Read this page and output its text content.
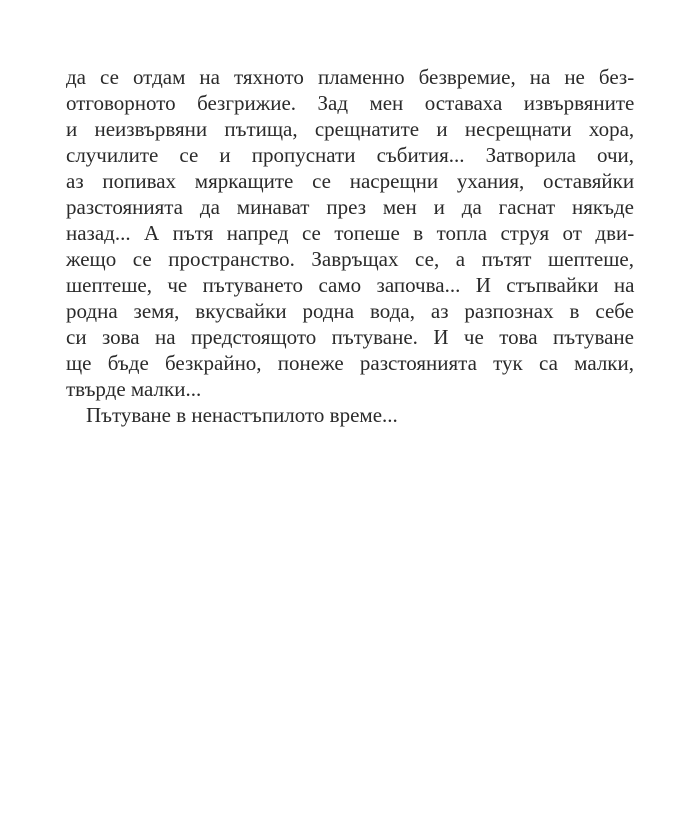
да се отдам на тяхното пламенно безвремие, на не без-
отговорното безгрижие. Зад мен оставаха извървяните
и неизвървяни пътища, срещнатите и несрещнати хора,
случилите се и пропуснати събития... Затворила очи,
аз попивах мяркащите се насрещни ухания, оставяйки
разстоянията да минават през мен и да гаснат някъде
назад... А пътя напред се топеше в топла струя от дви-
жещо се пространство. Завръщах се, а пътят шептеше,
шептеше, че пътуването само започва... И стъпвайки на
родна земя, вкусвайки родна вода, аз разпознах в себе
си зова на предстоящото пътуване. И че това пътуване
ще бъде безкрайно, понеже разстоянията тук са малки,
твърде малки...
Пътуване в ненастъпилото време...
